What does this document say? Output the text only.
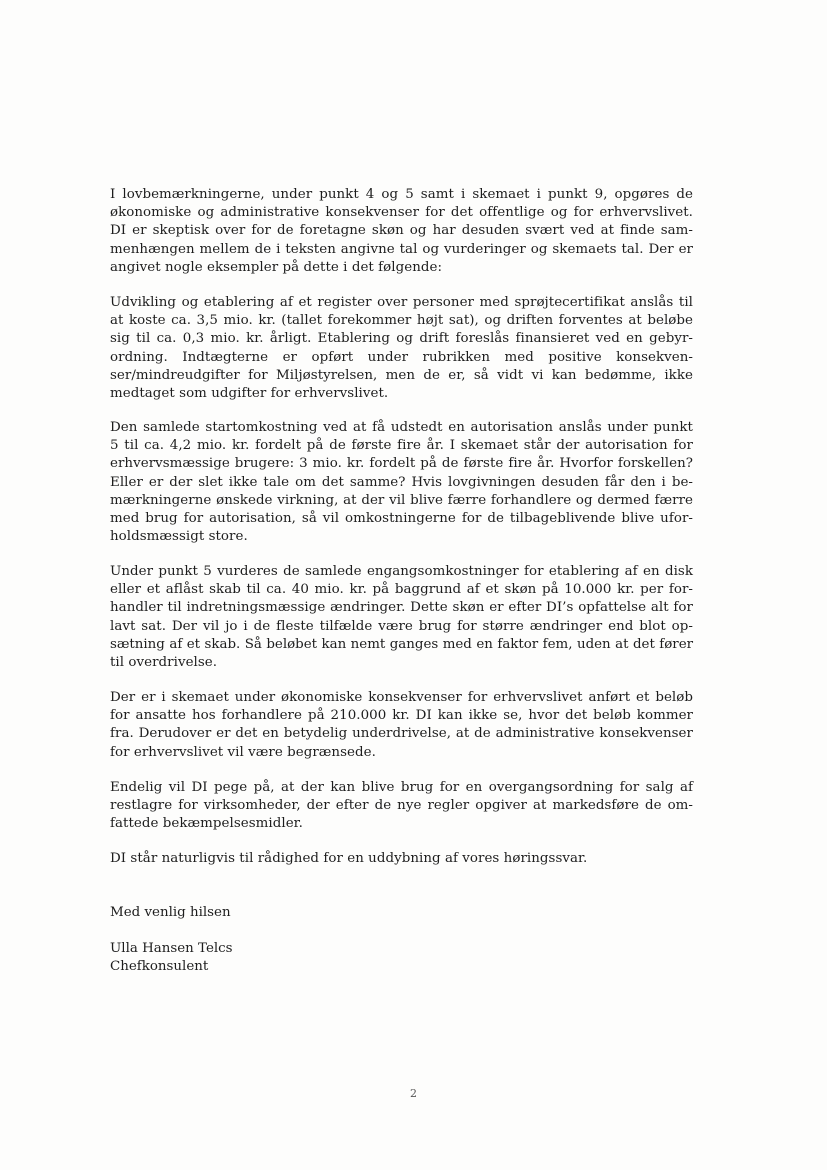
I lovbemærkningerne, under punkt 4 og 5 samt i skemaet i punkt 9, opgøres de
økonomiske og administrative konsekvenser for det offentlige og for erhvervslivet.
DI er skeptisk over for de foretagne skøn og har desuden svært ved at finde sam-
menhængen mellem de i teksten angivne tal og vurderinger og skemaets tal. Der er
angivet nogle eksempler på dette i det følgende:
Udvikling og etablering af et register over personer med sprøjtecertifikat anslås til
at koste ca. 3,5 mio. kr. (tallet forekommer højt sat), og driften forventes at beløbe
sig til ca. 0,3 mio. kr. årligt. Etablering og drift foreslås finansieret ved en gebyr-
ordning. Indtægterne er opført under rubrikken med positive konsekven-
ser/mindreudgifter for Miljøstyrelsen, men de er, så vidt vi kan bedømme, ikke
medtaget som udgifter for erhvervslivet.
Den samlede startomkostning ved at få udstedt en autorisation anslås under punkt
5 til ca. 4,2 mio. kr. fordelt på de første fire år. I skemaet står der autorisation for
erhvervsmæssige brugere: 3 mio. kr. fordelt på de første fire år. Hvorfor forskellen?
Eller er der slet ikke tale om det samme? Hvis lovgivningen desuden får den i be-
mærkningerne ønskede virkning, at der vil blive færre forhandlere og dermed færre
med brug for autorisation, så vil omkostningerne for de tilbageblivende blive ufor-
holdsmæssigt store.
Under punkt 5 vurderes de samlede engangsomkostninger for etablering af en disk
eller et aflåst skab til ca. 40 mio. kr. på baggrund af et skøn på 10.000 kr. per for-
handler til indretningsmæssige ændringer. Dette skøn er efter DI’s opfattelse alt for
lavt sat. Der vil jo i de fleste tilfælde være brug for større ændringer end blot op-
sætning af et skab. Så beløbet kan nemt ganges med en faktor fem, uden at det fører
til overdrivelse.
Der er i skemaet under økonomiske konsekvenser for erhvervslivet anført et beløb
for ansatte hos forhandlere på 210.000 kr. DI kan ikke se, hvor det beløb kommer
fra. Derudover er det en betydelig underdrivelse, at de administrative konsekvenser
for erhvervslivet vil være begrænsede.
Endelig vil DI pege på, at der kan blive brug for en overgangsordning for salg af
restlagre for virksomheder, der efter de nye regler opgiver at markedsføre de om-
fattede bekæmpelsesmidler.
DI står naturligvis til rådighed for en uddybning af vores høringssvar.
Med venlig hilsen
Ulla Hansen Telcs
Chefkonsulent
2
